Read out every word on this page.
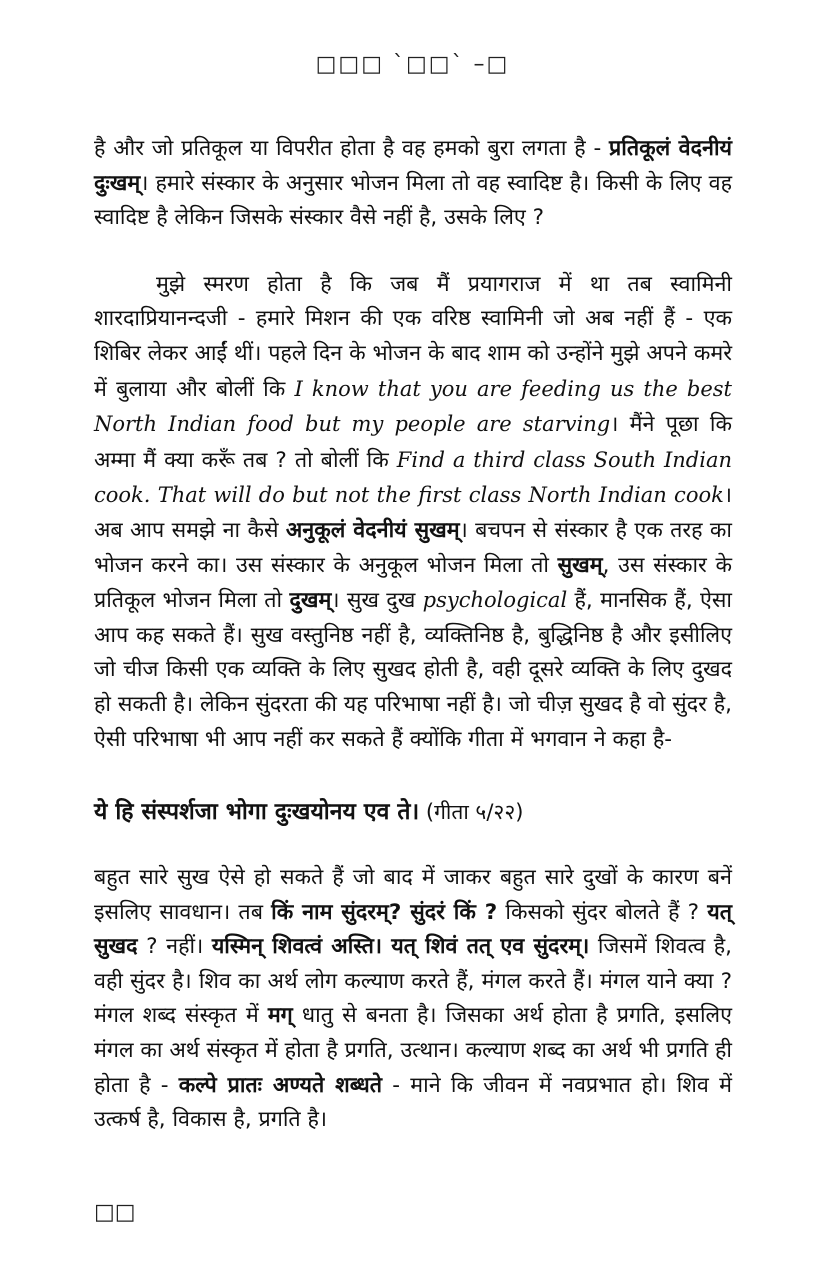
□□□ `□□` –□

है और जो प्रतिकूल या विपरीत होता है वह हमको बुरा लगता है - प्रतिकूलं वेदनीयं दुःखम्। हमारे संस्कार के अनुसार भोजन मिला तो वह स्वादिष्ट है। किसी के लिए वह स्वादिष्ट है लेकिन जिसके संस्कार वैसे नहीं है, उसके लिए ?

मुझे स्मरण होता है कि जब मैं प्रयागराज में था तब स्वामिनी शारदाप्रियानन्दजी - हमारे मिशन की एक वरिष्ठ स्वामिनी जो अब नहीं हैं - एक शिबिर लेकर आईं थीं। पहले दिन के भोजन के बाद शाम को उन्होंने मुझे अपने कमरे में बुलाया और बोलीं कि I know that you are feeding us the best North Indian food but my people are starving। मैंने पूछा कि अम्मा मैं क्या करूँ तब ? तो बोलीं कि Find a third class South Indian cook. That will do but not the first class North Indian cook। अब आप समझे ना कैसे अनुकूलं वेदनीयं सुखम्। बचपन से संस्कार है एक तरह का भोजन करने का। उस संस्कार के अनुकूल भोजन मिला तो सुखम्, उस संस्कार के प्रतिकूल भोजन मिला तो दुखम्। सुख दुख psychological हैं, मानसिक हैं, ऐसा आप कह सकते हैं। सुख वस्तुनिष्ठ नहीं है, व्यक्तिनिष्ठ है, बुद्धिनिष्ठ है और इसीलिए जो चीज किसी एक व्यक्ति के लिए सुखद होती है, वही दूसरे व्यक्ति के लिए दुखद हो सकती है। लेकिन सुंदरता की यह परिभाषा नहीं है। जो चीज़ सुखद है वो सुंदर है, ऐसी परिभाषा भी आप नहीं कर सकते हैं क्योंकि गीता में भगवान ने कहा है-

ये हि संस्पर्शजा भोगा दुःखयोनय एव ते। (गीता ५/२२)

बहुत सारे सुख ऐसे हो सकते हैं जो बाद में जाकर बहुत सारे दुखों के कारण बनें इसलिए सावधान। तब किं नाम सुंदरम्? सुंदरं किं ? किसको सुंदर बोलते हैं ? यत् सुखद ? नहीं। यस्मिन् शिवत्वं अस्ति। यत् शिवं तत् एव सुंदरम्। जिसमें शिवत्व है, वही सुंदर है। शिव का अर्थ लोग कल्याण करते हैं, मंगल करते हैं। मंगल याने क्या ? मंगल शब्द संस्कृत में मग् धातु से बनता है। जिसका अर्थ होता है प्रगति, इसलिए मंगल का अर्थ संस्कृत में होता है प्रगति, उत्थान। कल्याण शब्द का अर्थ भी प्रगति ही होता है - कल्पे प्रातः अण्यते शब्धते - माने कि जीवन में नवप्रभात हो। शिव में उत्कर्ष है, विकास है, प्रगति है।

□□
